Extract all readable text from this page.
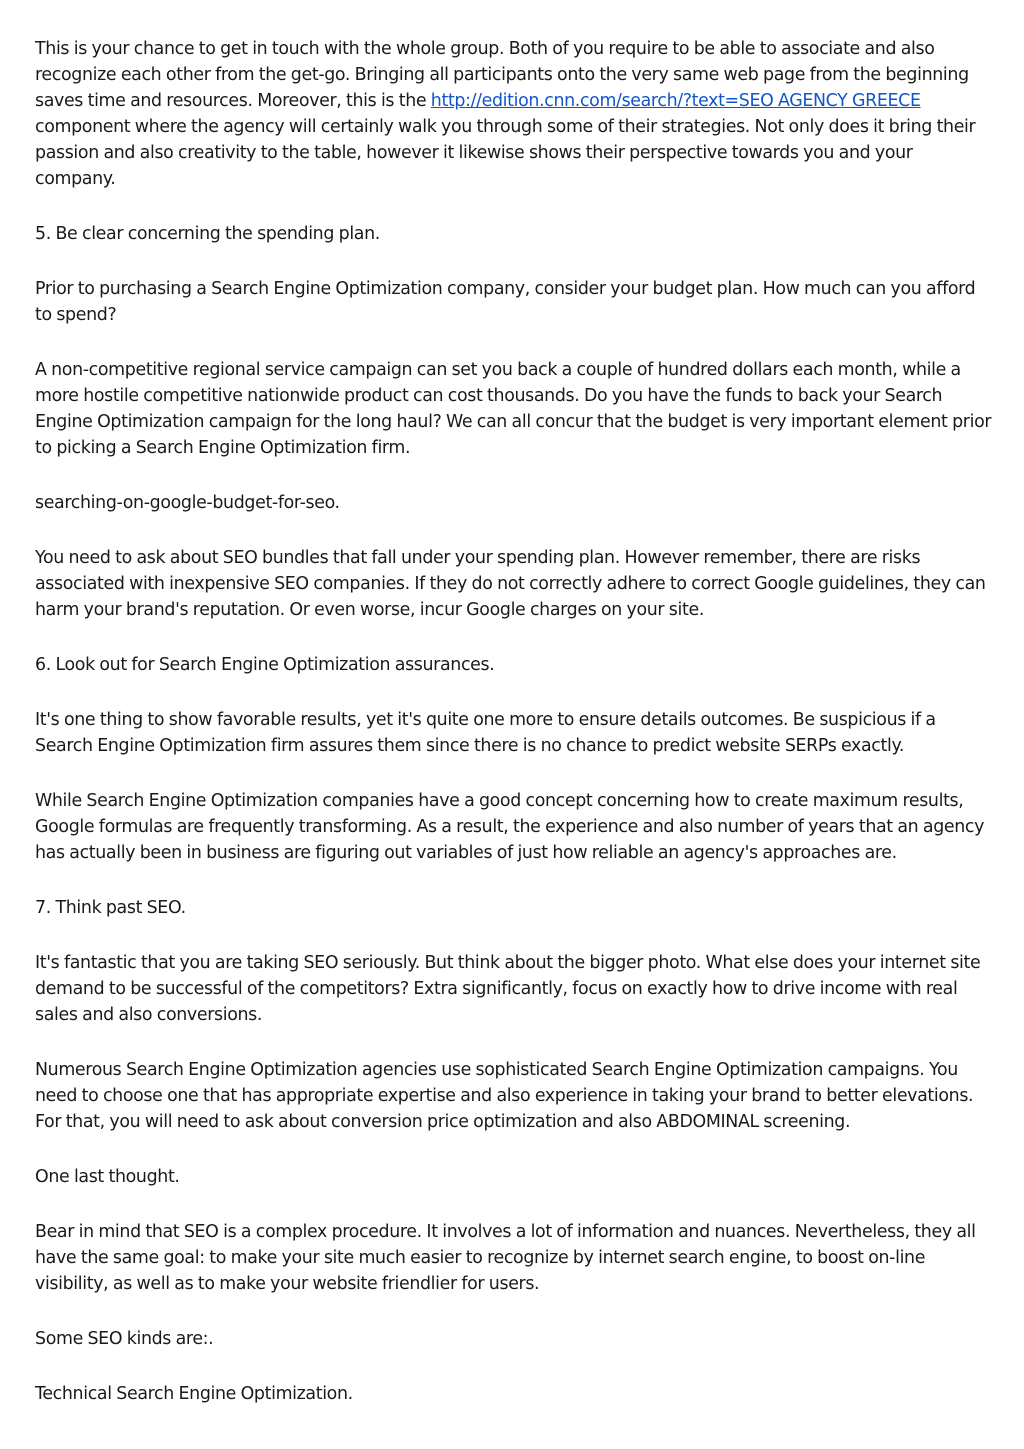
This is your chance to get in touch with the whole group. Both of you require to be able to associate and also recognize each other from the get-go. Bringing all participants onto the very same web page from the beginning saves time and resources. Moreover, this is the http://edition.cnn.com/search/?text=SEO AGENCY GREECE component where the agency will certainly walk you through some of their strategies. Not only does it bring their passion and also creativity to the table, however it likewise shows their perspective towards you and your company.

5. Be clear concerning the spending plan.

Prior to purchasing a Search Engine Optimization company, consider your budget plan. How much can you afford to spend?

A non-competitive regional service campaign can set you back a couple of hundred dollars each month, while a more hostile competitive nationwide product can cost thousands. Do you have the funds to back your Search Engine Optimization campaign for the long haul? We can all concur that the budget is very important element prior to picking a Search Engine Optimization firm.

searching-on-google-budget-for-seo.

You need to ask about SEO bundles that fall under your spending plan. However remember, there are risks associated with inexpensive SEO companies. If they do not correctly adhere to correct Google guidelines, they can harm your brand's reputation. Or even worse, incur Google charges on your site.

6. Look out for Search Engine Optimization assurances.

It's one thing to show favorable results, yet it's quite one more to ensure details outcomes. Be suspicious if a Search Engine Optimization firm assures them since there is no chance to predict website SERPs exactly.

While Search Engine Optimization companies have a good concept concerning how to create maximum results, Google formulas are frequently transforming. As a result, the experience and also number of years that an agency has actually been in business are figuring out variables of just how reliable an agency's approaches are.

7. Think past SEO.

It's fantastic that you are taking SEO seriously. But think about the bigger photo. What else does your internet site demand to be successful of the competitors? Extra significantly, focus on exactly how to drive income with real sales and also conversions.

Numerous Search Engine Optimization agencies use sophisticated Search Engine Optimization campaigns. You need to choose one that has appropriate expertise and also experience in taking your brand to better elevations. For that, you will need to ask about conversion price optimization and also ABDOMINAL screening.

One last thought.

Bear in mind that SEO is a complex procedure. It involves a lot of information and nuances. Nevertheless, they all have the same goal: to make your site much easier to recognize by internet search engine, to boost on-line visibility, as well as to make your website friendlier for users.

Some SEO kinds are:.

Technical Search Engine Optimization.
